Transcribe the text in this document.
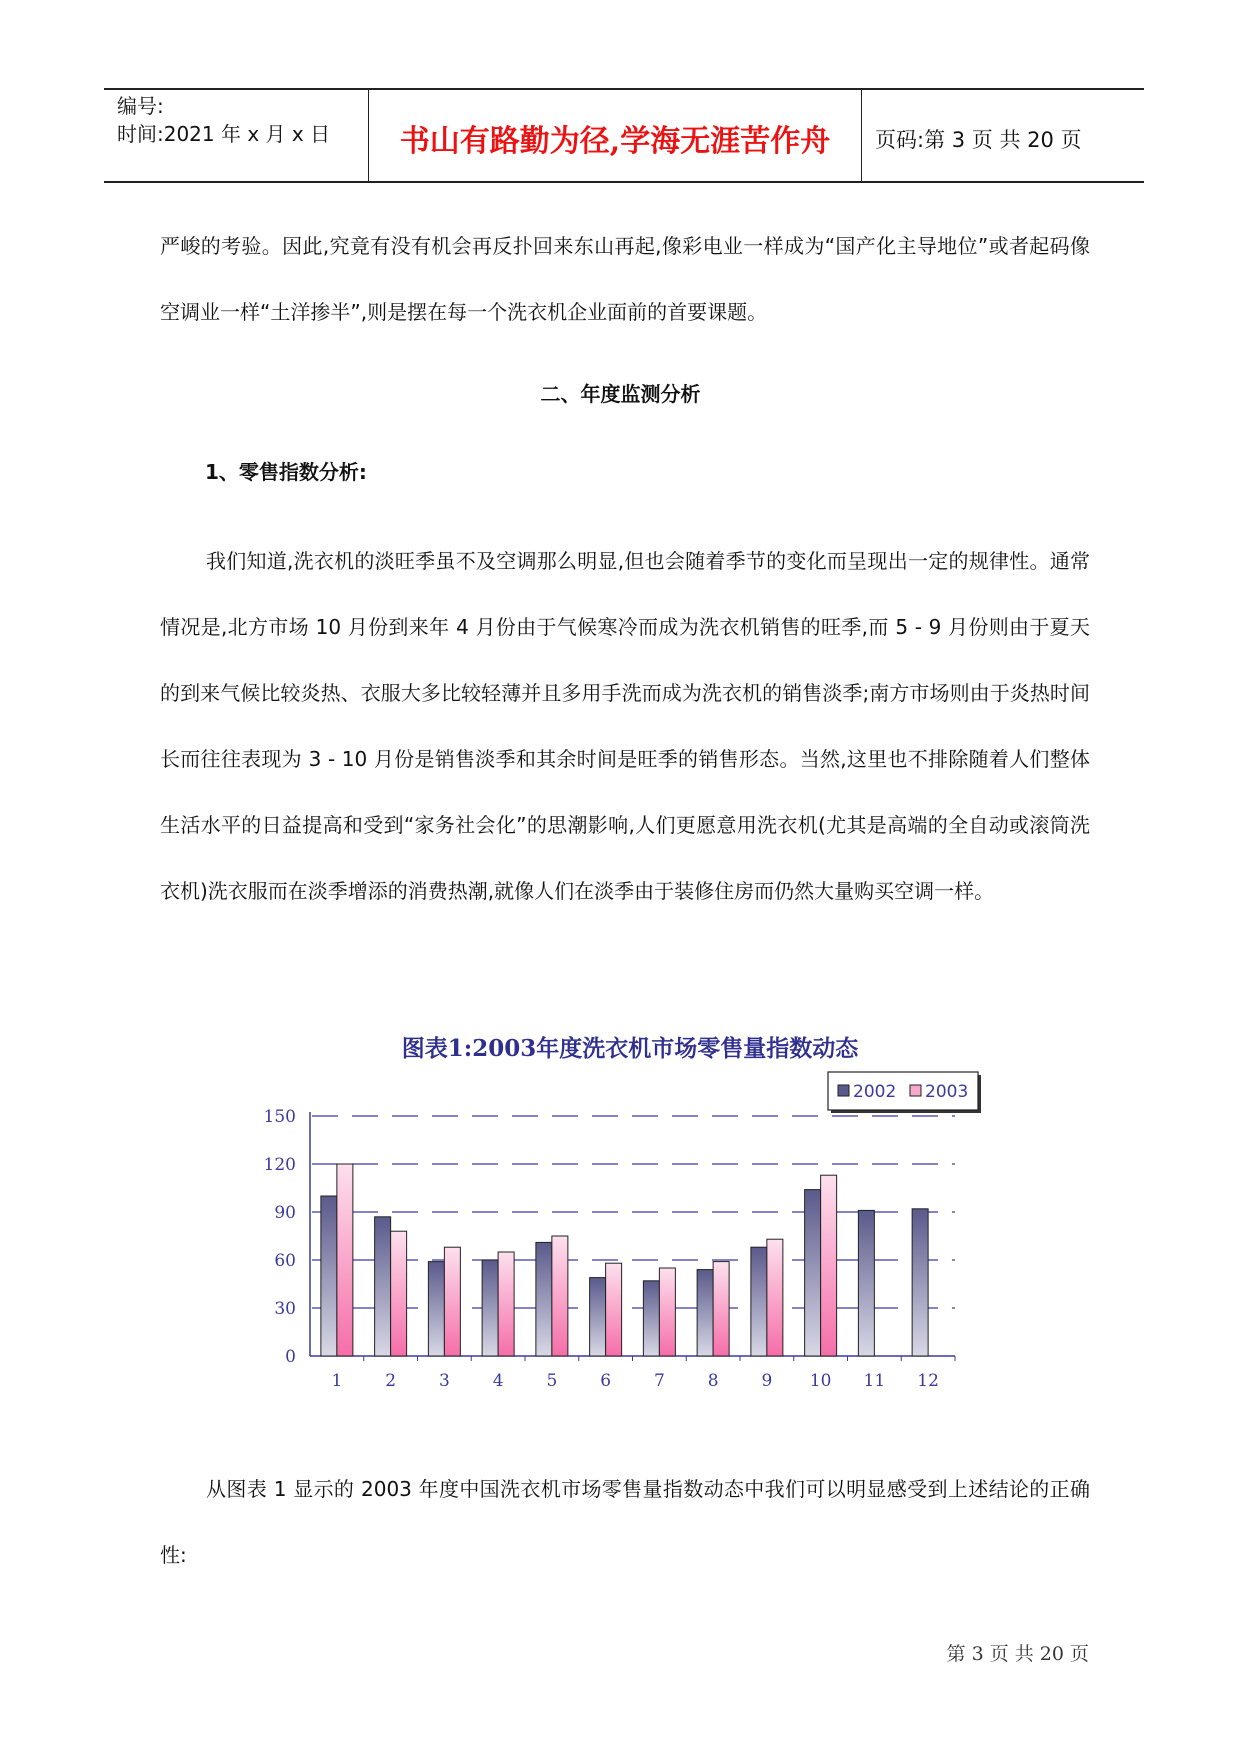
编号:
时间:2021 年 x 月 x 日	书山有路勤为径,学海无涯苦作舟	页码:第 3 页 共 20 页

严峻的考验。因此,究竟有没有机会再反扑回来东山再起,像彩电业一样成为“国产化主导地位”或者起码像空调业一样“土洋掺半”,则是摆在每一个洗衣机企业面前的首要课题。

二、年度监测分析
1、零售指数分析:

我们知道,洗衣机的淡旺季虽不及空调那么明显,但也会随着季节的变化而呈现出一定的规律性。通常情况是,北方市场 10 月份到来年 4 月份由于气候寒冷而成为洗衣机销售的旺季,而 5 - 9 月份则由于夏天的到来气候比较炎热、衣服大多比较轻薄并且多用手洗而成为洗衣机的销售淡季;南方市场则由于炎热时间长而往往表现为 3 - 10 月份是销售淡季和其余时间是旺季的销售形态。当然,这里也不排除随着人们整体生活水平的日益提高和受到“家务社会化”的思潮影响,人们更愿意用洗衣机(尤其是高端的全自动或滚筒洗衣机)洗衣服而在淡季增添的消费热潮,就像人们在淡季由于装修住房而仍然大量购买空调一样。

图表1:2003年度洗衣机市场零售量指数动态
0
30
60
90
120
150
1	2	3	4	5	6	7	8	9 10 11 12
2002 2003

从图表 1 显示的 2003 年度中国洗衣机市场零售量指数动态中我们可以明显感受到上述结论的正确性:

第 3 页 共 20 页
